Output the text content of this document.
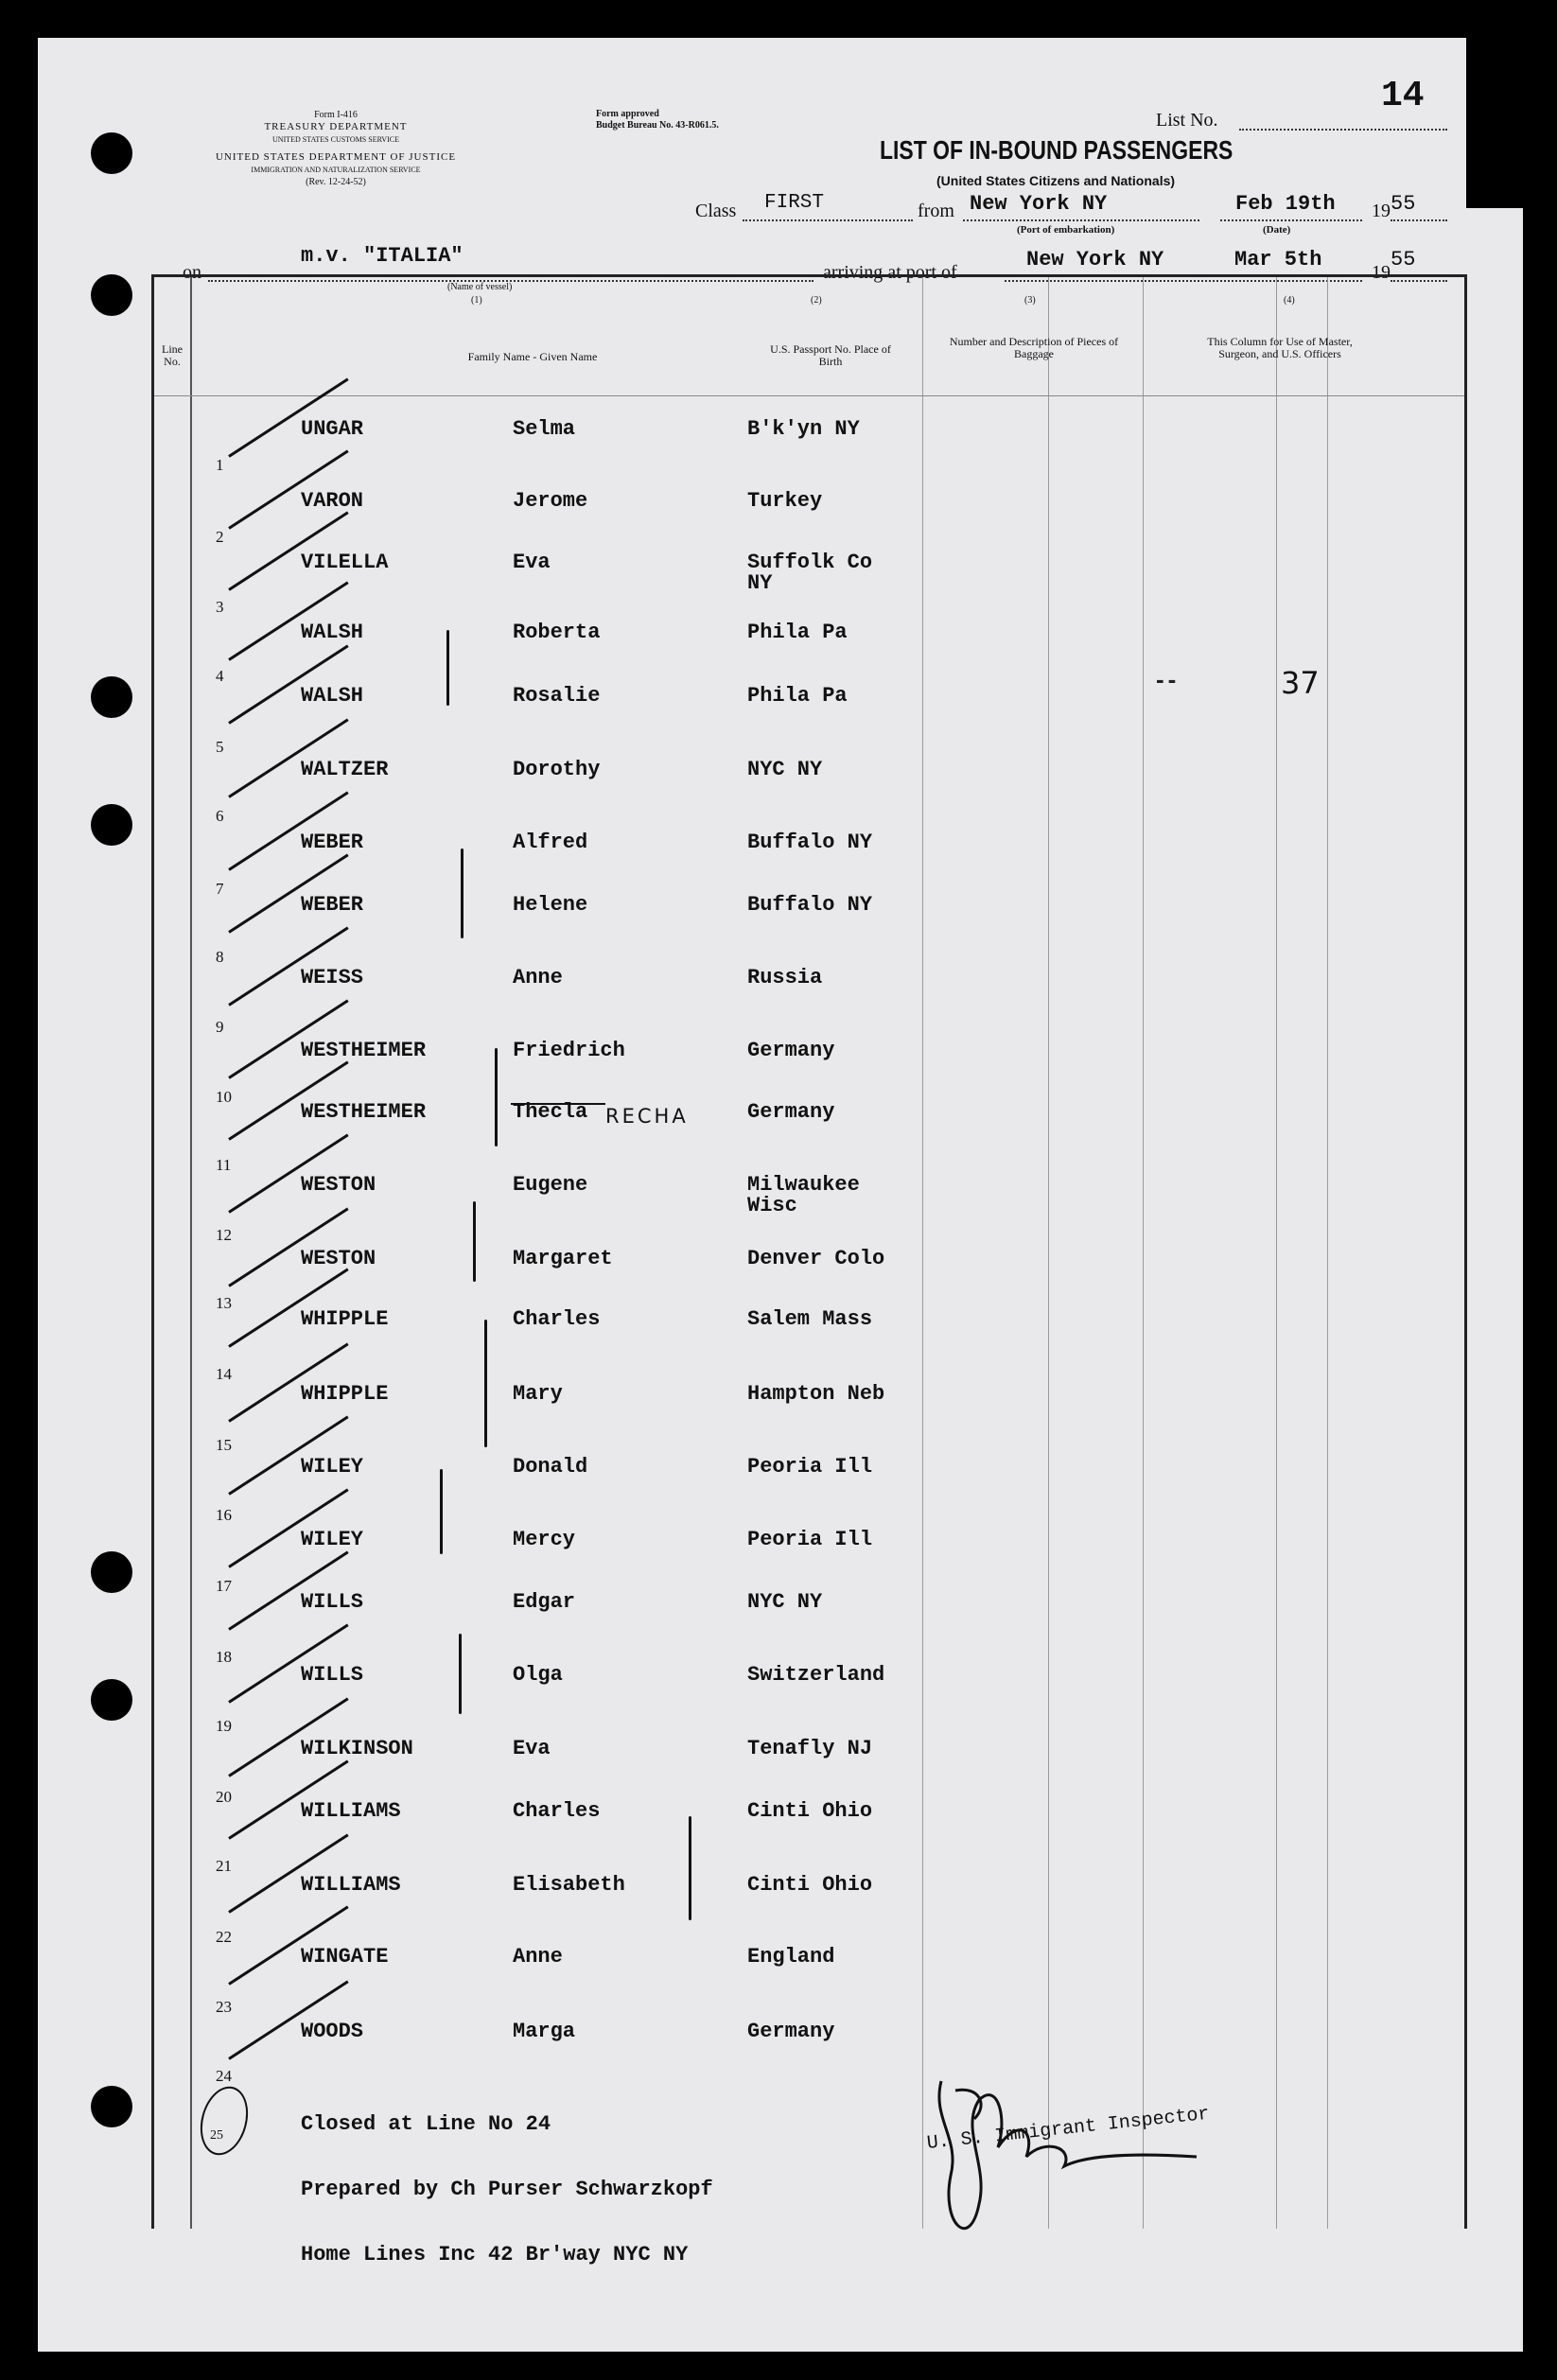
14
Form I-416
TREASURY DEPARTMENT
UNITED STATES CUSTOMS SERVICE
UNITED STATES DEPARTMENT OF JUSTICE
IMMIGRATION AND NATURALIZATION SERVICE
(Rev. 12-24-52)
Form approved
Budget Bureau No. 43-R061.5.	List No.
LIST OF IN-BOUND PASSENGERS
(United States Citizens and Nationals)
Class FIRST	from New York NY
(Port of embarkation)
Feb 19th 19 55
(Date)
on
m.v. "ITALIA"
(Name of vessel)
arriving at port of
New York NY	Mar 5th
19
55
(1)	(2)	(3)	(4)
Line No.	Family Name - Given Name
U.S. Passport No. Place of Birth
Number and Description of Pieces of Baggage
This Column for Use of Master, Surgeon, and U.S. Officers
1
UNGAR	Selma	B'k'yn NY
2
VARON	Jerome	Turkey
3
VILELLA	Eva	Suffolk Co
NY
4
WALSH	Roberta	Phila Pa
5
WALSH	Rosalie	Phila Pa
6
WALTZER	Dorothy	NYC NY
7
WEBER	Alfred	Buffalo NY
8
WEBER	Helene	Buffalo NY
9
WEISS	Anne	Russia
10
WESTHEIMER	Friedrich	Germany
11
WESTHEIMER	Thecla	Germany
12
WESTON	Eugene	Milwaukee
Wisc
13
WESTON	Margaret	Denver Colo
14
WHIPPLE	Charles	Salem Mass
15
WHIPPLE	Mary	Hampton Neb
16
WILEY	Donald	Peoria Ill
17
WILEY	Mercy	Peoria Ill
18
WILLS	Edgar	NYC NY
19
WILLS	Olga	Switzerland
20
WILKINSON	Eva	Tenafly NJ
21
WILLIAMS	Charles	Cinti Ohio
22
WILLIAMS	Elisabeth	Cinti Ohio
23
WINGATE	Anne	England
24
WOODS	Marga	Germany
RECHA
--	37
25

	Closed at Line No 24

Prepared by Ch Purser Schwarzkopf

Home Lines Inc 42 Br'way NYC NY

U. S. Immigrant Inspector
